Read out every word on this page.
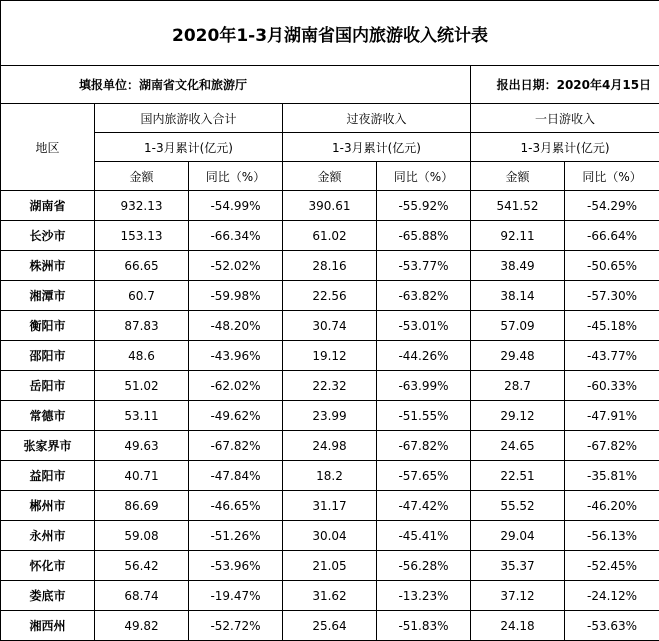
2020年1-3月湖南省国内旅游收入统计表						
填报单位：湖南省文化和旅游厅					报出日期：2020年4月15日	
地区	国内旅游收入合计		过夜游收入		一日游收入	
	1-3月累计(亿元)		1-3月累计(亿元)		1-3月累计(亿元)	
	金额	同比（%）	金额	同比（%）	金额	同比（%）
湖南省	932.13	-54.99%	390.61	-55.92%	541.52	-54.29%
长沙市	153.13	-66.34%	61.02	-65.88%	92.11	-66.64%
株洲市	66.65	-52.02%	28.16	-53.77%	38.49	-50.65%
湘潭市	60.7	-59.98%	22.56	-63.82%	38.14	-57.30%
衡阳市	87.83	-48.20%	30.74	-53.01%	57.09	-45.18%
邵阳市	48.6	-43.96%	19.12	-44.26%	29.48	-43.77%
岳阳市	51.02	-62.02%	22.32	-63.99%	28.7	-60.33%
常德市	53.11	-49.62%	23.99	-51.55%	29.12	-47.91%
张家界市	49.63	-67.82%	24.98	-67.82%	24.65	-67.82%
益阳市	40.71	-47.84%	18.2	-57.65%	22.51	-35.81%
郴州市	86.69	-46.65%	31.17	-47.42%	55.52	-46.20%
永州市	59.08	-51.26%	30.04	-45.41%	29.04	-56.13%
怀化市	56.42	-53.96%	21.05	-56.28%	35.37	-52.45%
娄底市	68.74	-19.47%	31.62	-13.23%	37.12	-24.12%
湘西州	49.82	-52.72%	25.64	-51.83%	24.18	-53.63%
